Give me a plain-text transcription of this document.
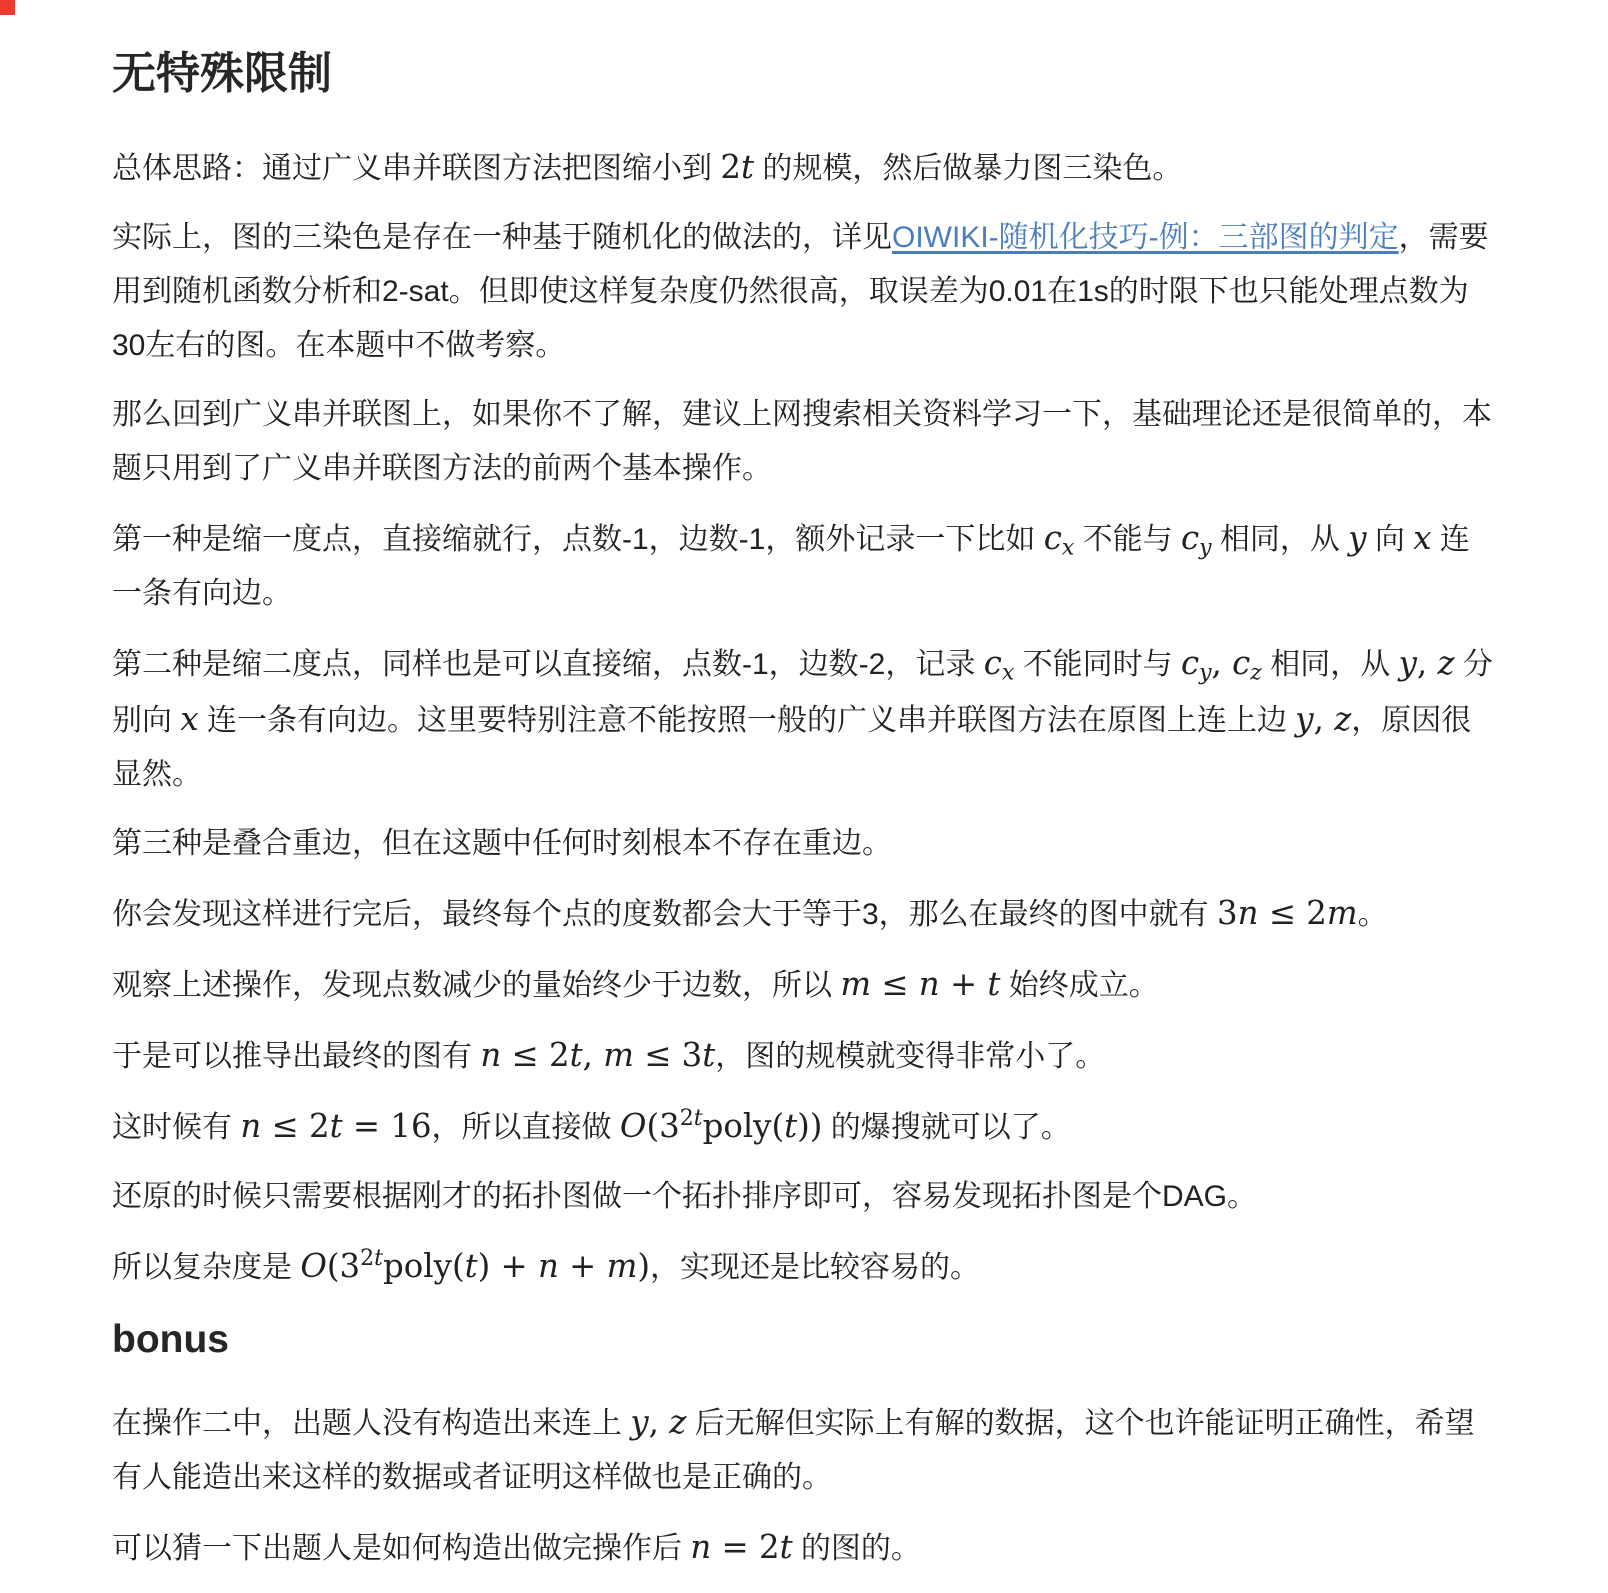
无特殊限制

总体思路：通过广义串并联图方法把图缩小到 2t 的规模，然后做暴力图三染色。

实际上，图的三染色是存在一种基于随机化的做法的，详见OIWIKI-随机化技巧-例：三部图的判定，需要用到随机函数分析和2-sat。但即使这样复杂度仍然很高，取误差为0.01在1s的时限下也只能处理点数为30左右的图。在本题中不做考察。

那么回到广义串并联图上，如果你不了解，建议上网搜索相关资料学习一下，基础理论还是很简单的，本题只用到了广义串并联图方法的前两个基本操作。

第一种是缩一度点，直接缩就行，点数-1，边数-1，额外记录一下比如 $c_x$ 不能与 $c_y$ 相同，从 y 向 x 连一条有向边。

第二种是缩二度点，同样也是可以直接缩，点数-1，边数-2，记录 $c_x$ 不能同时与 $c_y$, $c_z$ 相同，从 y, z 分别向 x 连一条有向边。这里要特别注意不能按照一般的广义串并联图方法在原图上连上边 y, z，原因很显然。

第三种是叠合重边，但在这题中任何时刻根本不存在重边。

你会发现这样进行完后，最终每个点的度数都会大于等于3，那么在最终的图中就有 3n ≤ 2m。

观察上述操作，发现点数减少的量始终少于边数，所以 m ≤ n + t 始终成立。

于是可以推导出最终的图有 n ≤ 2t, m ≤ 3t，图的规模就变得非常小了。

这时候有 n ≤ 2t = 16，所以直接做 $O(3^{2t}poly(t))$ 的爆搜就可以了。

还原的时候只需要根据刚才的拓扑图做一个拓扑排序即可，容易发现拓扑图是个DAG。

所以复杂度是 $O(3^{2t}poly(t) + n + m)$，实现还是比较容易的。

bonus

在操作二中，出题人没有构造出来连上 y, z 后无解但实际上有解的数据，这个也许能证明正确性，希望有人能造出来这样的数据或者证明这样做也是正确的。

可以猜一下出题人是如何构造出做完操作后 n = 2t 的图的。
